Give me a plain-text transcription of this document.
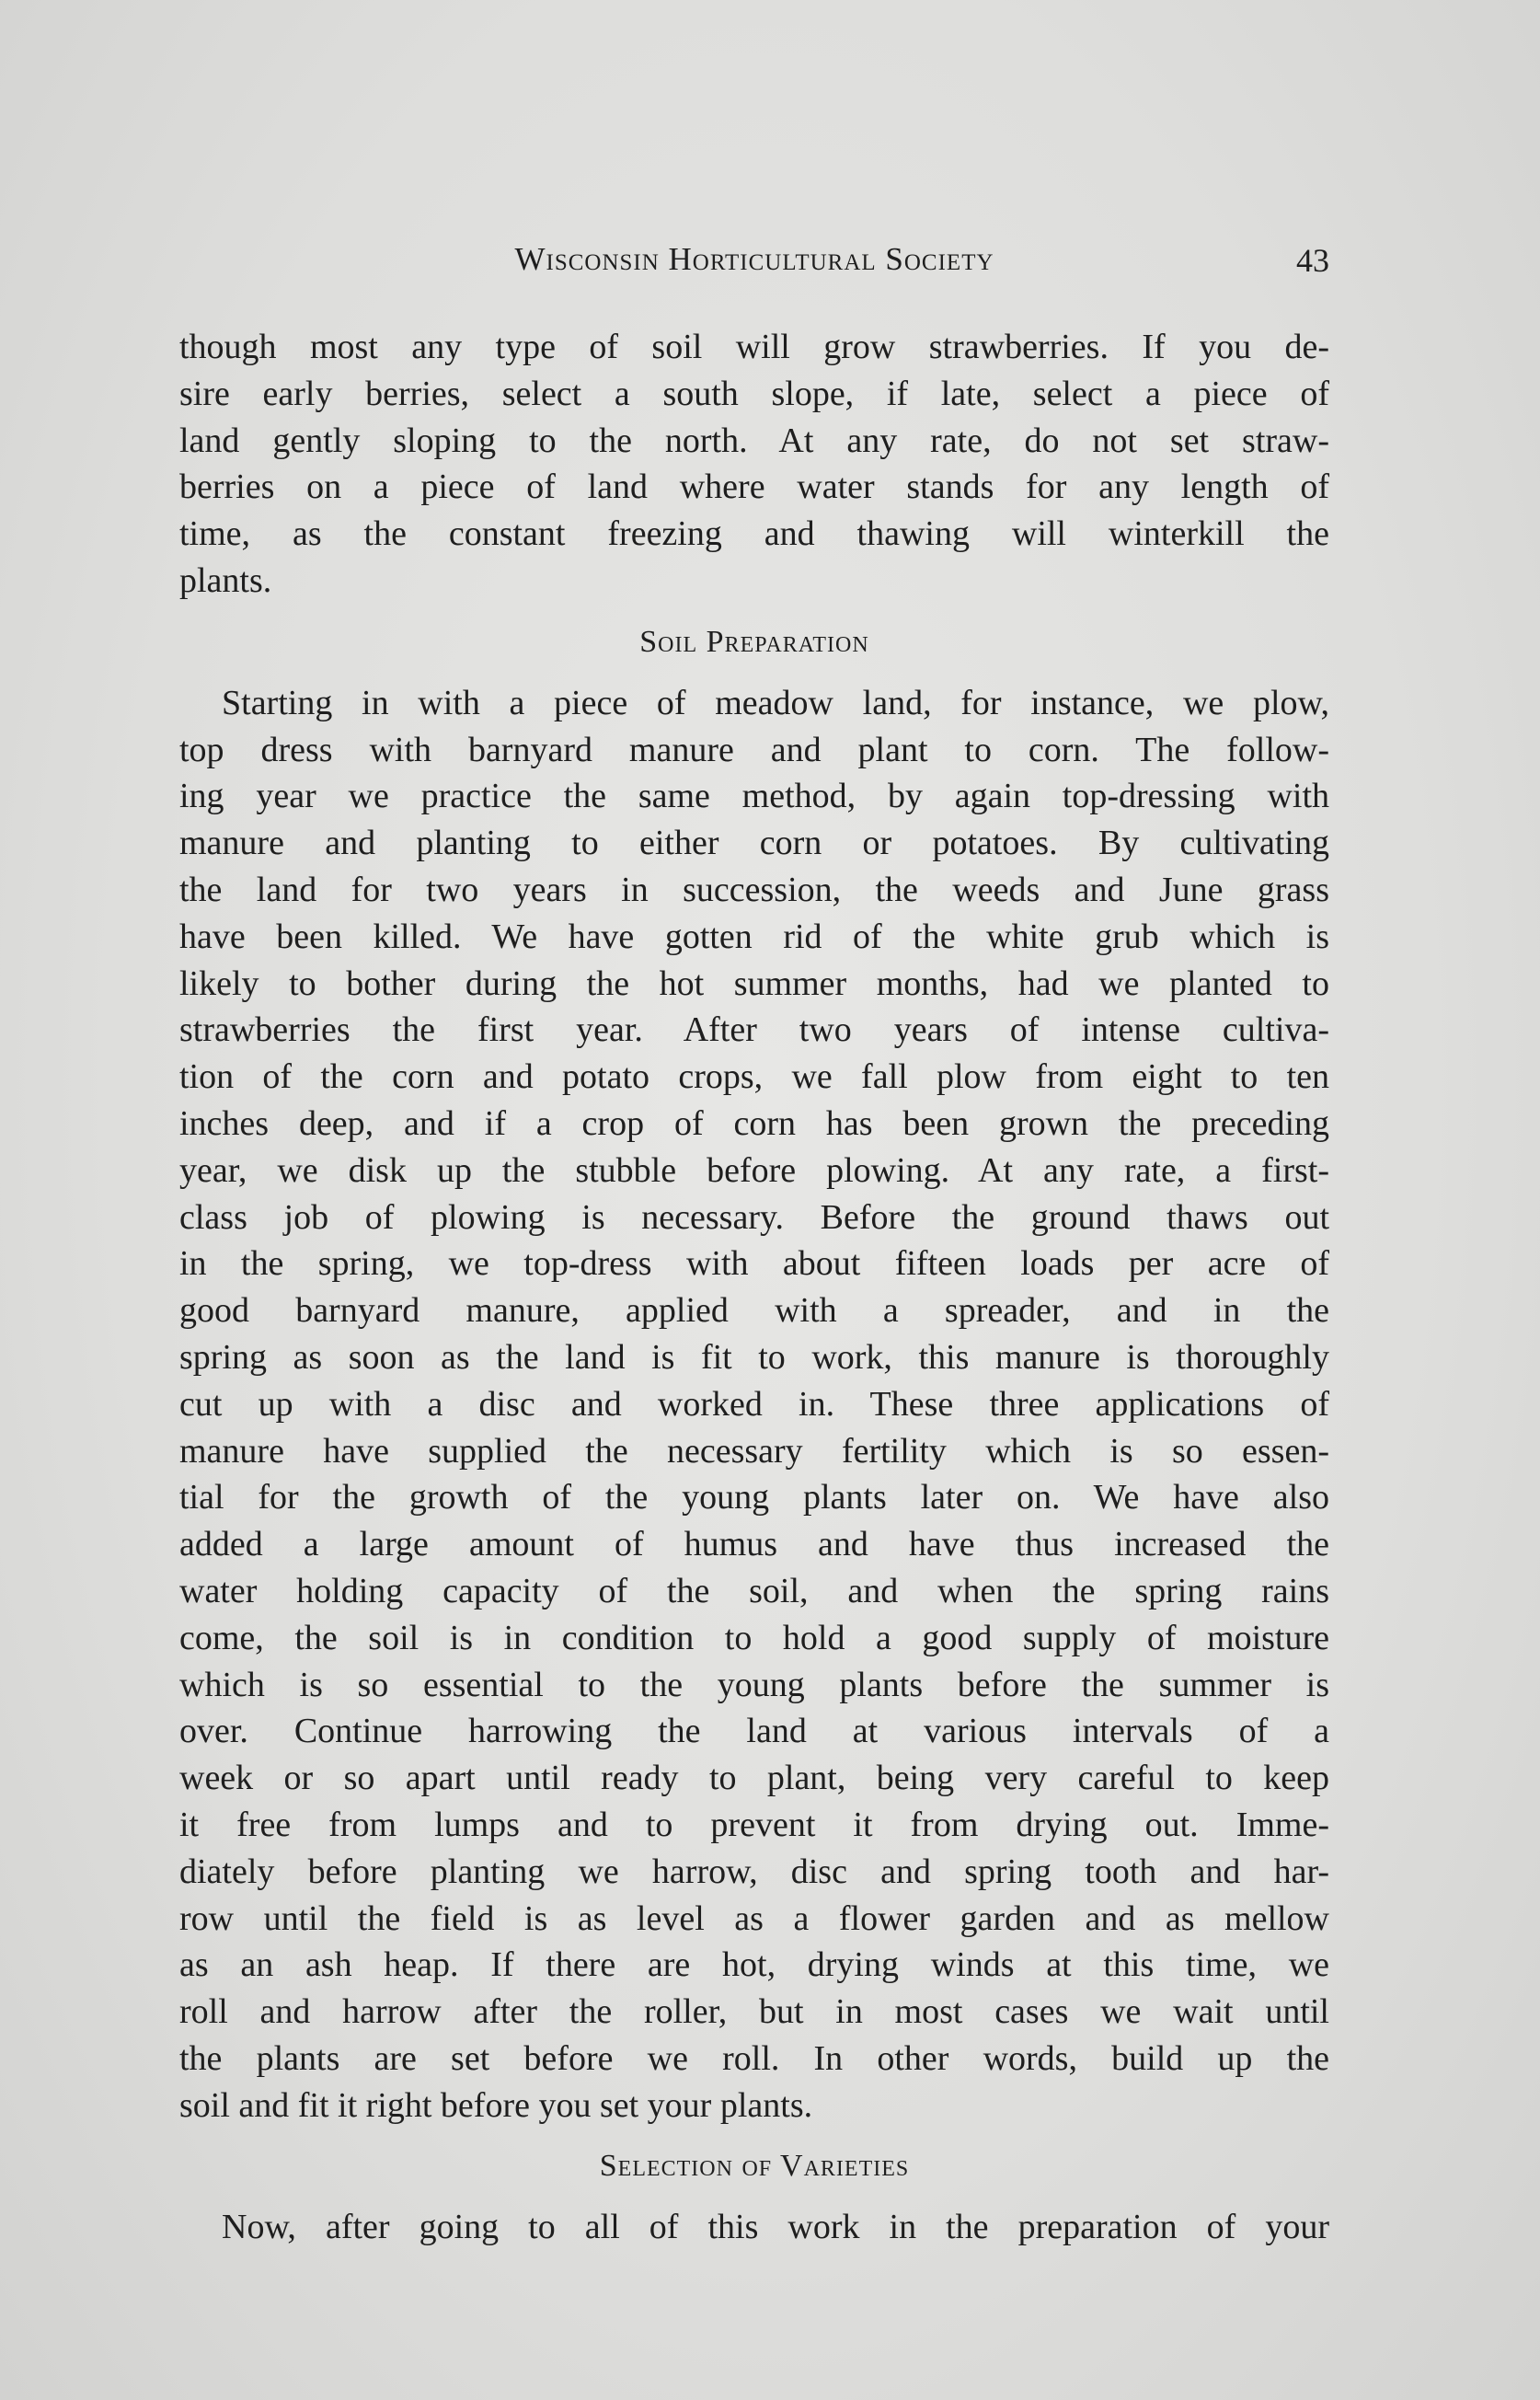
Wisconsin Horticultural Society	43
though most any type of soil will grow strawberries. If you de-
sire early berries, select a south slope, if late, select a piece of
land gently sloping to the north. At any rate, do not set straw-
berries on a piece of land where water stands for any length of
time, as the constant freezing and thawing will winterkill the
plants.
Soil Preparation
Starting in with a piece of meadow land, for instance, we plow,
top dress with barnyard manure and plant to corn. The follow-
ing year we practice the same method, by again top-dressing with
manure and planting to either corn or potatoes. By cultivating
the land for two years in succession, the weeds and June grass
have been killed. We have gotten rid of the white grub which is
likely to bother during the hot summer months, had we planted to
strawberries the first year. After two years of intense cultiva-
tion of the corn and potato crops, we fall plow from eight to ten
inches deep, and if a crop of corn has been grown the preceding
year, we disk up the stubble before plowing. At any rate, a first-
class job of plowing is necessary. Before the ground thaws out
in the spring, we top-dress with about fifteen loads per acre of
good barnyard manure, applied with a spreader, and in the
spring as soon as the land is fit to work, this manure is thoroughly
cut up with a disc and worked in. These three applications of
manure have supplied the necessary fertility which is so essen-
tial for the growth of the young plants later on. We have also
added a large amount of humus and have thus increased the
water holding capacity of the soil, and when the spring rains
come, the soil is in condition to hold a good supply of moisture
which is so essential to the young plants before the summer is
over. Continue harrowing the land at various intervals of a
week or so apart until ready to plant, being very careful to keep
it free from lumps and to prevent it from drying out. Imme-
diately before planting we harrow, disc and spring tooth and har-
row until the field is as level as a flower garden and as mellow
as an ash heap. If there are hot, drying winds at this time, we
roll and harrow after the roller, but in most cases we wait until
the plants are set before we roll. In other words, build up the
soil and fit it right before you set your plants.
Selection of Varieties
Now, after going to all of this work in the preparation of your
